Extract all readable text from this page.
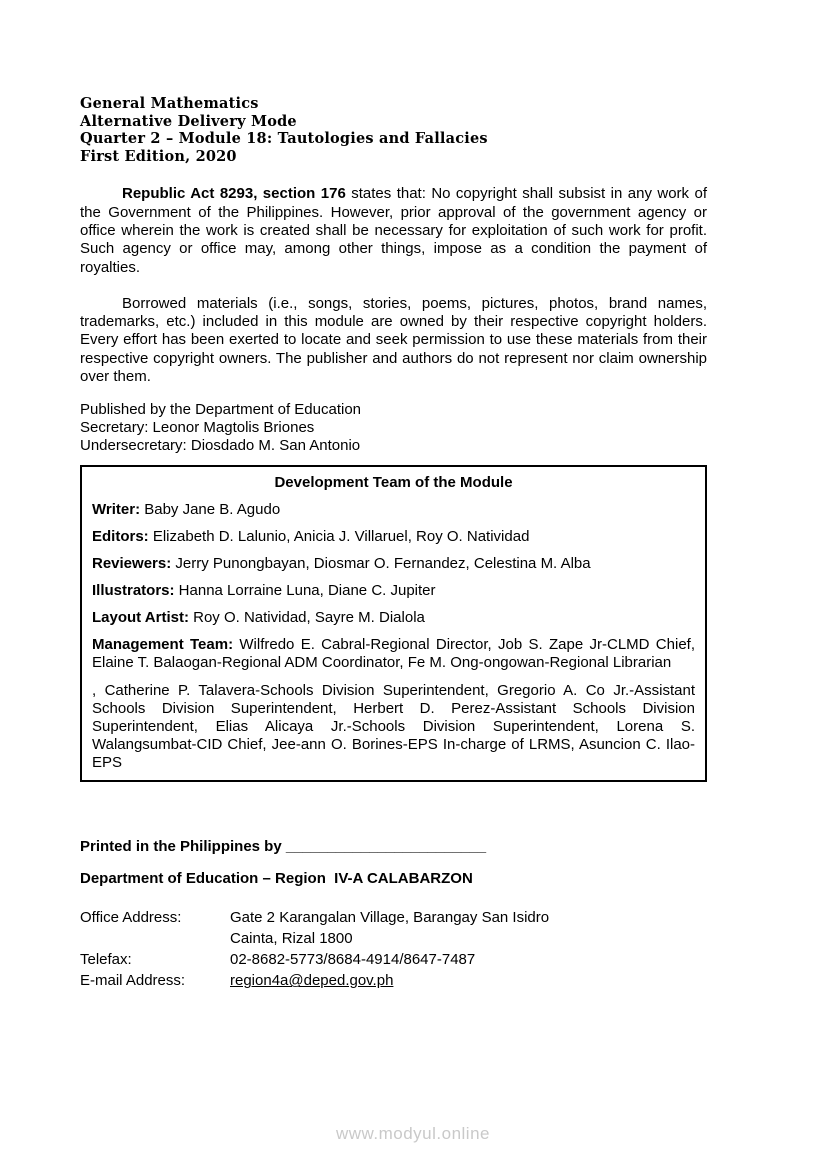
General Mathematics
Alternative Delivery Mode
Quarter 2 – Module 18: Tautologies and Fallacies
First Edition, 2020

Republic Act 8293, section 176 states that: No copyright shall subsist in any work of the Government of the Philippines. However, prior approval of the government agency or office wherein the work is created shall be necessary for exploitation of such work for profit. Such agency or office may, among other things, impose as a condition the payment of royalties.

Borrowed materials (i.e., songs, stories, poems, pictures, photos, brand names, trademarks, etc.) included in this module are owned by their respective copyright holders. Every effort has been exerted to locate and seek permission to use these materials from their respective copyright owners. The publisher and authors do not represent nor claim ownership over them.

Published by the Department of Education
Secretary: Leonor Magtolis Briones
Undersecretary: Diosdado M. San Antonio
Development Team of the Module

Writer: Baby Jane B. Agudo

Editors: Elizabeth D. Lalunio, Anicia J. Villaruel, Roy O. Natividad

Reviewers: Jerry Punongbayan, Diosmar O. Fernandez, Celestina M. Alba

Illustrators: Hanna Lorraine Luna, Diane C. Jupiter

Layout Artist: Roy O. Natividad, Sayre M. Dialola

Management Team: Wilfredo E. Cabral-Regional Director, Job S. Zape Jr-CLMD Chief, Elaine T. Balaogan-Regional ADM Coordinator, Fe M. Ong-ongowan-Regional Librarian

, Catherine P. Talavera-Schools Division Superintendent, Gregorio A. Co Jr.-Assistant Schools Division Superintendent, Herbert D. Perez-Assistant Schools Division Superintendent, Elias Alicaya Jr.-Schools Division Superintendent, Lorena S. Walangsumbat-CID Chief, Jee-ann O. Borines-EPS In-charge of LRMS, Asuncion C. Ilao-EPS

Printed in the Philippines by ________________________

Department of Education – Region  IV-A CALABARZON

Office Address:	Gate 2 Karangalan Village, Barangay San Isidro
Cainta, Rizal 1800
Telefax:	02-8682-5773/8684-4914/8647-7487
E-mail Address:	region4a@deped.gov.ph
www.modyul.online
